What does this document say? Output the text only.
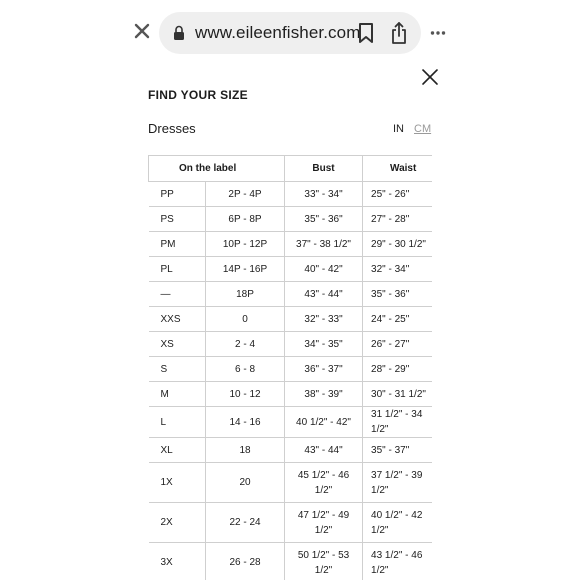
www.eileenfisher.com
FIND YOUR SIZE
Dresses	IN CM
On the label		Bust	Waist
PP	2P - 4P	33" - 34"	25" - 26"
PS	6P - 8P	35" - 36"	27" - 28"
PM	10P - 12P	37" - 38 1/2"	29" - 30 1/2"
PL	14P - 16P	40" - 42"	32" - 34"
—	18P	43" - 44"	35" - 36"
XXS	0	32" - 33"	24" - 25"
XS	2 - 4	34" - 35"	26" - 27"
S	6 - 8	36" - 37"	28" - 29"
M	10 - 12	38" - 39"	30" - 31 1/2"
L	14 - 16	40 1/2" - 42"	31 1/2" - 34 1/2"
XL	18	43" - 44"	35" - 37"
1X	20	45 1/2" - 46 1/2"	37 1/2" - 39 1/2"
2X	22 - 24	47 1/2" - 49 1/2"	40 1/2" - 42 1/2"
3X	26 - 28	50 1/2" - 53 1/2"	43 1/2" - 46 1/2"
